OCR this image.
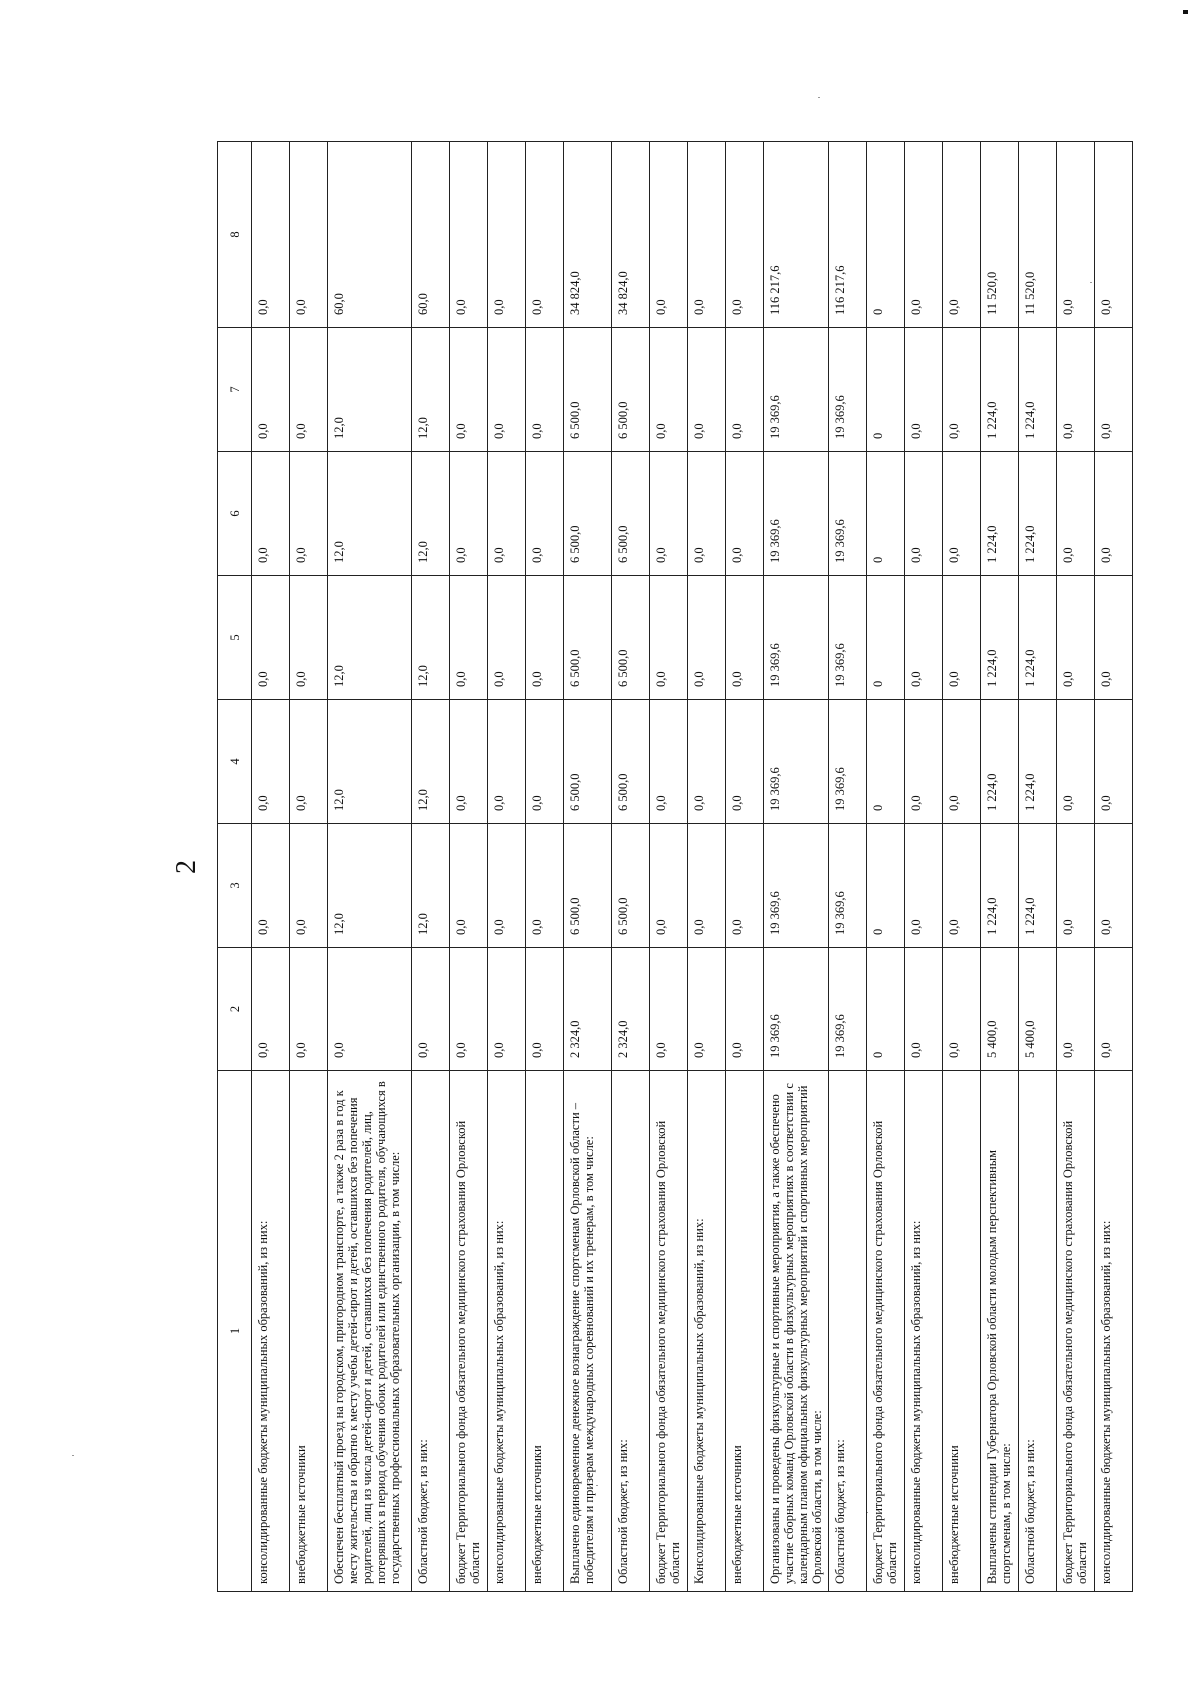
2
1	2	3	4	5	6	7	8
консолидированные бюджеты муниципальных образований, из них:	0,0	0,0	0,0	0,0	0,0	0,0	0,0
внебюджетные источники	0,0	0,0	0,0	0,0	0,0	0,0	0,0
Обеспечен бесплатный проезд на городском, пригородном транспорте, а также 2 раза в год к месту жительства и обратно к месту учебы детей-сирот и детей, оставшихся без попечения родителей, лиц из числа детей-сирот и детей, оставшихся без попечения родителей, лиц, потерявших в период обучения обоих родителей или единственного родителя, обучающихся в государственных профессиональных образовательных организации, в том числе:	0,0	12,0	12,0	12,0	12,0	12,0	60,0
Областной бюджет, из них:	0,0	12,0	12,0	12,0	12,0	12,0	60,0
бюджет Территориального фонда обязательного медицинского страхования Орловской области	0,0	0,0	0,0	0,0	0,0	0,0	0,0
консолидированные бюджеты муниципальных образований, из них:	0,0	0,0	0,0	0,0	0,0	0,0	0,0
внебюджетные источники	0,0	0,0	0,0	0,0	0,0	0,0	0,0
Выплачено единовременное денежное вознаграждение спортсменам Орловской области – победителям и призерам международных соревнований и их тренерам, в том числе:	2 324,0	6 500,0	6 500,0	6 500,0	6 500,0	6 500,0	34 824,0
Областной бюджет, из них:	2 324,0	6 500,0	6 500,0	6 500,0	6 500,0	6 500,0	34 824,0
бюджет Территориального фонда обязательного медицинского страхования Орловской области	0,0	0,0	0,0	0,0	0,0	0,0	0,0
Консолидированные бюджеты муниципальных образований, из них:	0,0	0,0	0,0	0,0	0,0	0,0	0,0
внебюджетные источники	0,0	0,0	0,0	0,0	0,0	0,0	0,0
Организованы и проведены физкультурные и спортивные мероприятия, а также обеспечено участие сборных команд Орловской области в физкультурных мероприятиях в соответствии с календарным планом официальных физкультурных мероприятий и спортивных мероприятий Орловской области, в том числе:	19 369,6	19 369,6	19 369,6	19 369,6	19 369,6	19 369,6	116 217,6
Областной бюджет, из них:	19 369,6	19 369,6	19 369,6	19 369,6	19 369,6	19 369,6	116 217,6
бюджет Территориального фонда обязательного медицинского страхования Орловской области	0	0	0	0	0	0	0
консолидированные бюджеты муниципальных образований, из них:	0,0	0,0	0,0	0,0	0,0	0,0	0,0
внебюджетные источники	0,0	0,0	0,0	0,0	0,0	0,0	0,0
Выплачены стипендии Губернатора Орловской области молодым перспективным спортсменам, в том числе:	5 400,0	1 224,0	1 224,0	1 224,0	1 224,0	1 224,0	11 520,0
Областной бюджет, из них:	5 400,0	1 224,0	1 224,0	1 224,0	1 224,0	1 224,0	11 520,0
бюджет Территориального фонда обязательного медицинского страхования Орловской области	0,0	0,0	0,0	0,0	0,0	0,0	0,0
консолидированные бюджеты муниципальных образований, из них:	0,0	0,0	0,0	0,0	0,0	0,0	0,0
